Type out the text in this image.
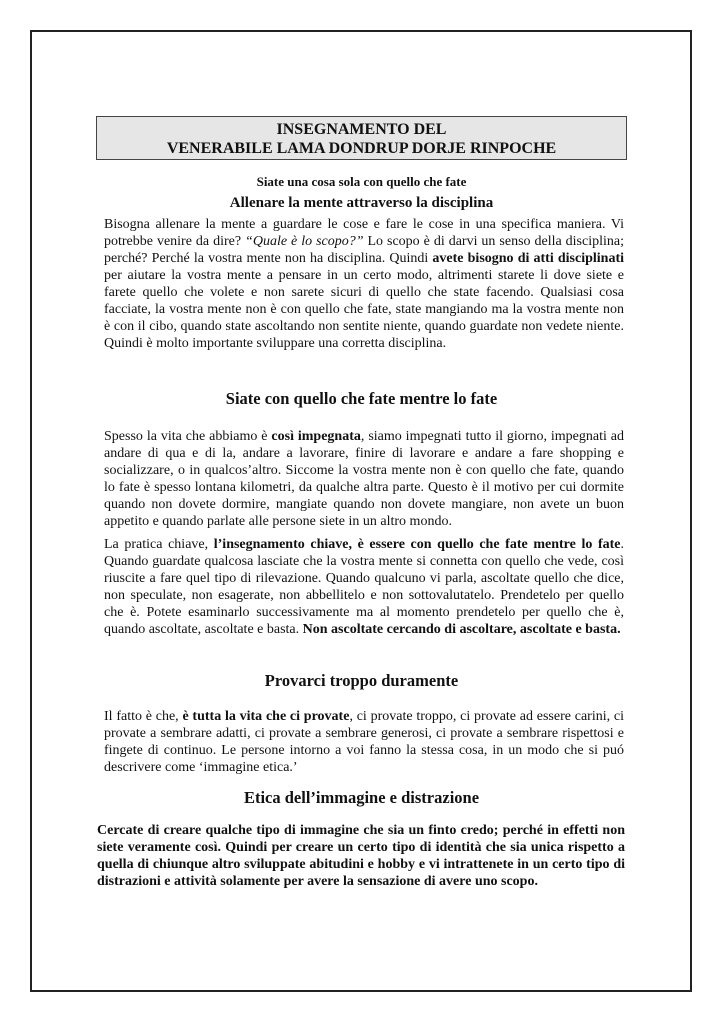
INSEGNAMENTO DEL
VENERABILE LAMA DONDRUP DORJE RINPOCHE
Siate una cosa sola con quello che fate
Allenare la mente attraverso la disciplina

Bisogna allenare la mente a guardare le cose e fare le cose in una specifica maniera. Vi potrebbe venire da dire? “Quale è lo scopo?” Lo scopo è di darvi un senso della disciplina; perché? Perché la vostra mente non ha disciplina. Quindi avete bisogno di atti disciplinati per aiutare la vostra mente a pensare in un certo modo, altrimenti starete li dove siete e farete quello che volete e non sarete sicuri di quello che state facendo. Qualsiasi cosa facciate, la vostra mente non è con quello che fate, state mangiando ma la vostra mente non è con il cibo, quando state ascoltando non sentite niente, quando guardate non vedete niente. Quindi è molto importante sviluppare una corretta disciplina.

Siate con quello che fate mentre lo fate

Spesso la vita che abbiamo è così impegnata, siamo impegnati tutto il giorno, impegnati ad andare di qua e di la, andare a lavorare, finire di lavorare e andare a fare shopping e socializzare, o in qualcos’altro. Siccome la vostra mente non è con quello che fate, quando lo fate è spesso lontana kilometri, da qualche altra parte. Questo è il motivo per cui dormite quando non dovete dormire, mangiate quando non dovete mangiare, non avete un buon appetito e quando parlate alle persone siete in un altro mondo.

La pratica chiave, l’insegnamento chiave, è essere con quello che fate mentre lo fate. Quando guardate qualcosa lasciate che la vostra mente si connetta con quello che vede, così riuscite a fare quel tipo di rilevazione. Quando qualcuno vi parla, ascoltate quello che dice, non speculate, non esagerate, non abbellitelo e non sottovalutatelo. Prendetelo per quello che è. Potete esaminarlo successivamente ma al momento prendetelo per quello che è, quando ascoltate, ascoltate e basta. Non ascoltate cercando di ascoltare, ascoltate e basta.

Provarci troppo duramente

Il fatto è che, è tutta la vita che ci provate, ci provate troppo, ci provate ad essere carini, ci provate a sembrare adatti, ci provate a sembrare generosi, ci provate a sembrare rispettosi e fingete di continuo. Le persone intorno a voi fanno la stessa cosa, in un modo che si puó descrivere come ‘immagine etica.’

Etica dell’immagine e distrazione

Cercate di creare qualche tipo di immagine che sia un finto credo; perché in effetti non siete veramente così. Quindi per creare un certo tipo di identità che sia unica rispetto a quella di chiunque altro sviluppate abitudini e hobby e vi intrattenete in un certo tipo di distrazioni e attività solamente per avere la sensazione di avere uno scopo.
